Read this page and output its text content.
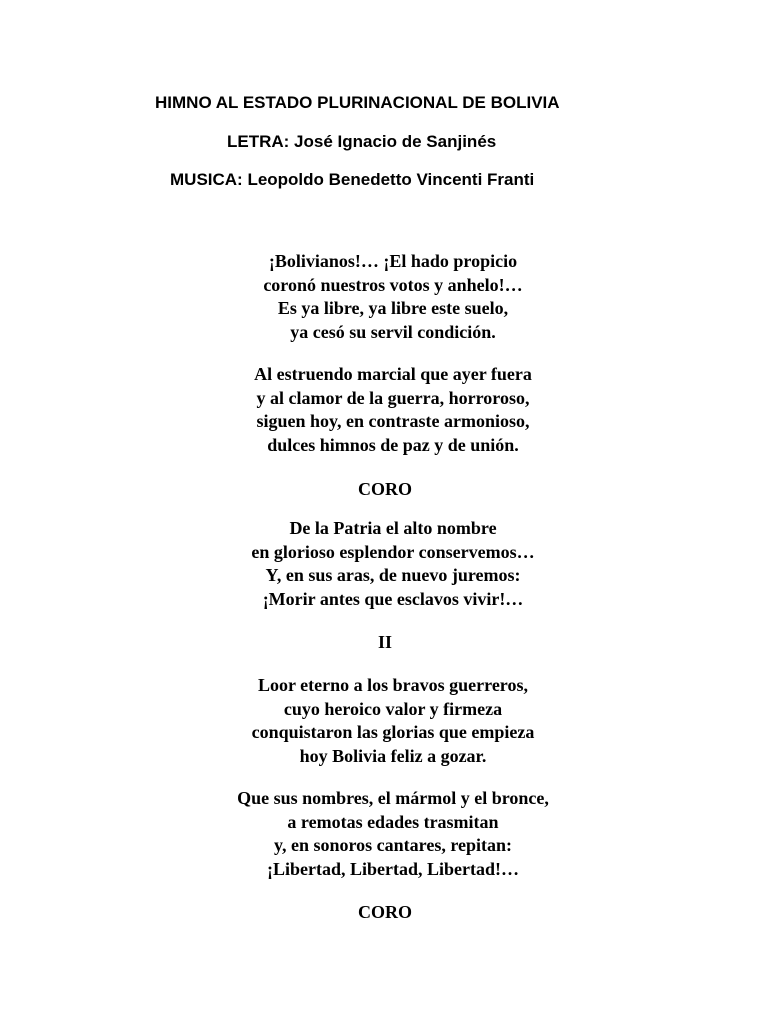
HIMNO AL ESTADO PLURINACIONAL DE BOLIVIA
LETRA: José Ignacio de Sanjinés
MUSICA: Leopoldo Benedetto Vincenti Franti
¡Bolivianos!… ¡El hado propicio
coronó nuestros votos y anhelo!…
Es ya libre, ya libre este suelo,
ya cesó su servil condición.
Al estruendo marcial que ayer fuera
y al clamor de la guerra, horroroso,
siguen hoy, en contraste armonioso,
dulces himnos de paz y de unión.
CORO
De la Patria el alto nombre
en glorioso esplendor conservemos…
Y, en sus aras, de nuevo juremos:
¡Morir antes que esclavos vivir!…
II
Loor eterno a los bravos guerreros,
cuyo heroico valor y firmeza
conquistaron las glorias que empieza
hoy Bolivia feliz a gozar.
Que sus nombres, el mármol y el bronce,
a remotas edades trasmitan
y, en sonoros cantares, repitan:
¡Libertad, Libertad, Libertad!…
CORO
